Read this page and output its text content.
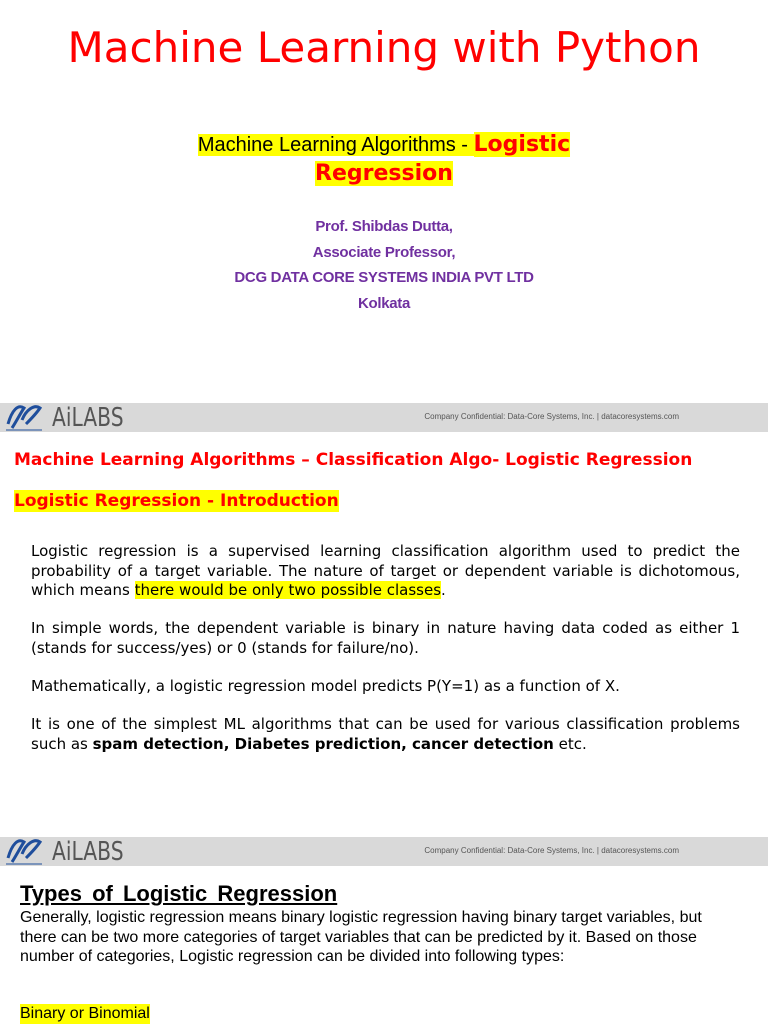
Machine Learning with Python
Machine Learning Algorithms - Logistic
Regression
Prof. Shibdas Dutta,
Associate Professor,
DCG DATA CORE SYSTEMS INDIA PVT LTD
Kolkata
AiLABS	Company Confidential: Data-Core Systems, Inc. | datacoresystems.com
Machine Learning Algorithms – Classification Algo- Logistic Regression
Logistic Regression - Introduction

Logistic regression is a supervised learning classification algorithm used to predict the probability of a target variable. The nature of target or dependent variable is dichotomous, which means there would be only two possible classes.

In simple words, the dependent variable is binary in nature having data coded as either 1 (stands for success/yes) or 0 (stands for failure/no).

Mathematically, a logistic regression model predicts P(Y=1) as a function of X.

It is one of the simplest ML algorithms that can be used for various classification problems such as spam detection, Diabetes prediction, cancer detection etc.

AiLABS	Company Confidential: Data-Core Systems, Inc. | datacoresystems.com
Types of Logistic Regression
Generally, logistic regression means binary logistic regression having binary target variables, but there can be two more categories of target variables that can be predicted by it. Based on those number of categories, Logistic regression can be divided into following types:
Binary or Binomial
